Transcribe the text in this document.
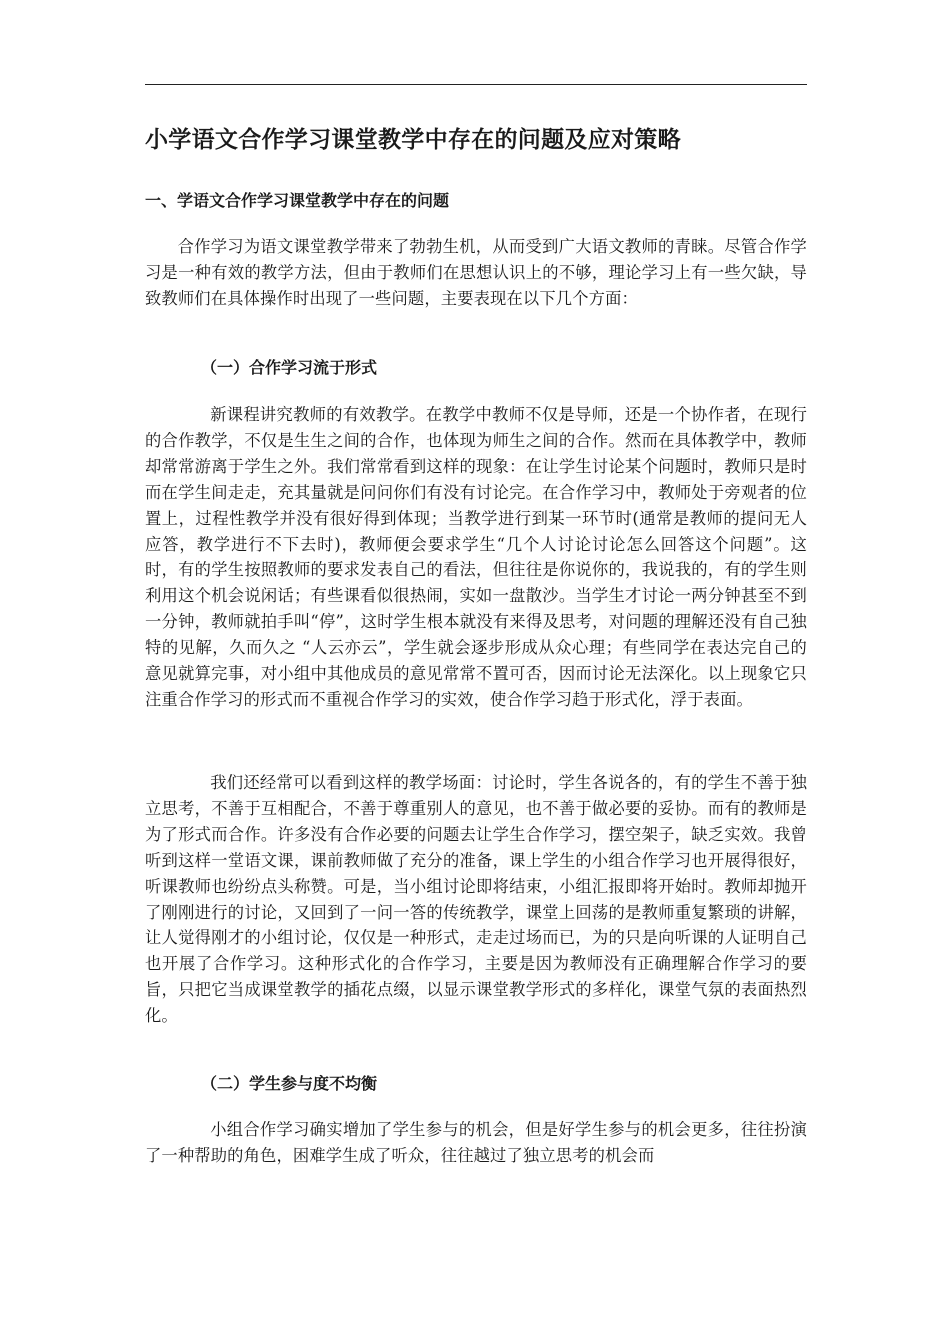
小学语文合作学习课堂教学中存在的问题及应对策略
一、学语文合作学习课堂教学中存在的问题

合作学习为语文课堂教学带来了勃勃生机，从而受到广大语文教师的青睐。尽管合作学习是一种有效的教学方法，但由于教师们在思想认识上的不够，理论学习上有一些欠缺，导致教师们在具体操作时出现了一些问题，主要表现在以下几个方面：

（一）合作学习流于形式

新课程讲究教师的有效教学。在教学中教师不仅是导师，还是一个协作者，在现行的合作教学，不仅是生生之间的合作，也体现为师生之间的合作。然而在具体教学中，教师却常常游离于学生之外。我们常常看到这样的现象：在让学生讨论某个问题时，教师只是时而在学生间走走，充其量就是问问你们有没有讨论完。在合作学习中，教师处于旁观者的位置上，过程性教学并没有很好得到体现；当教学进行到某一环节时(通常是教师的提问无人应答，教学进行不下去时)，教师便会要求学生“几个人讨论讨论怎么回答这个问题”。这时，有的学生按照教师的要求发表自己的看法，但往往是你说你的，我说我的，有的学生则利用这个机会说闲话；有些课看似很热闹，实如一盘散沙。当学生才讨论一两分钟甚至不到一分钟，教师就拍手叫“停”，这时学生根本就没有来得及思考，对问题的理解还没有自己独特的见解，久而久之 “人云亦云”，学生就会逐步形成从众心理；有些同学在表达完自己的意见就算完事，对小组中其他成员的意见常常不置可否，因而讨论无法深化。以上现象它只注重合作学习的形式而不重视合作学习的实效，使合作学习趋于形式化，浮于表面。

我们还经常可以看到这样的教学场面：讨论时，学生各说各的，有的学生不善于独立思考，不善于互相配合，不善于尊重别人的意见，也不善于做必要的妥协。而有的教师是为了形式而合作。许多没有合作必要的问题去让学生合作学习，摆空架子，缺乏实效。我曾听到这样一堂语文课，课前教师做了充分的准备，课上学生的小组合作学习也开展得很好，听课教师也纷纷点头称赞。可是，当小组讨论即将结束，小组汇报即将开始时。教师却抛开了刚刚进行的讨论，又回到了一问一答的传统教学，课堂上回荡的是教师重复繁琐的讲解，让人觉得刚才的小组讨论，仅仅是一种形式，走走过场而已，为的只是向听课的人证明自己也开展了合作学习。这种形式化的合作学习，主要是因为教师没有正确理解合作学习的要旨，只把它当成课堂教学的插花点缀，以显示课堂教学形式的多样化，课堂气氛的表面热烈化。

（二）学生参与度不均衡

小组合作学习确实增加了学生参与的机会，但是好学生参与的机会更多，往往扮演了一种帮助的角色，困难学生成了听众，往往越过了独立思考的机会而
